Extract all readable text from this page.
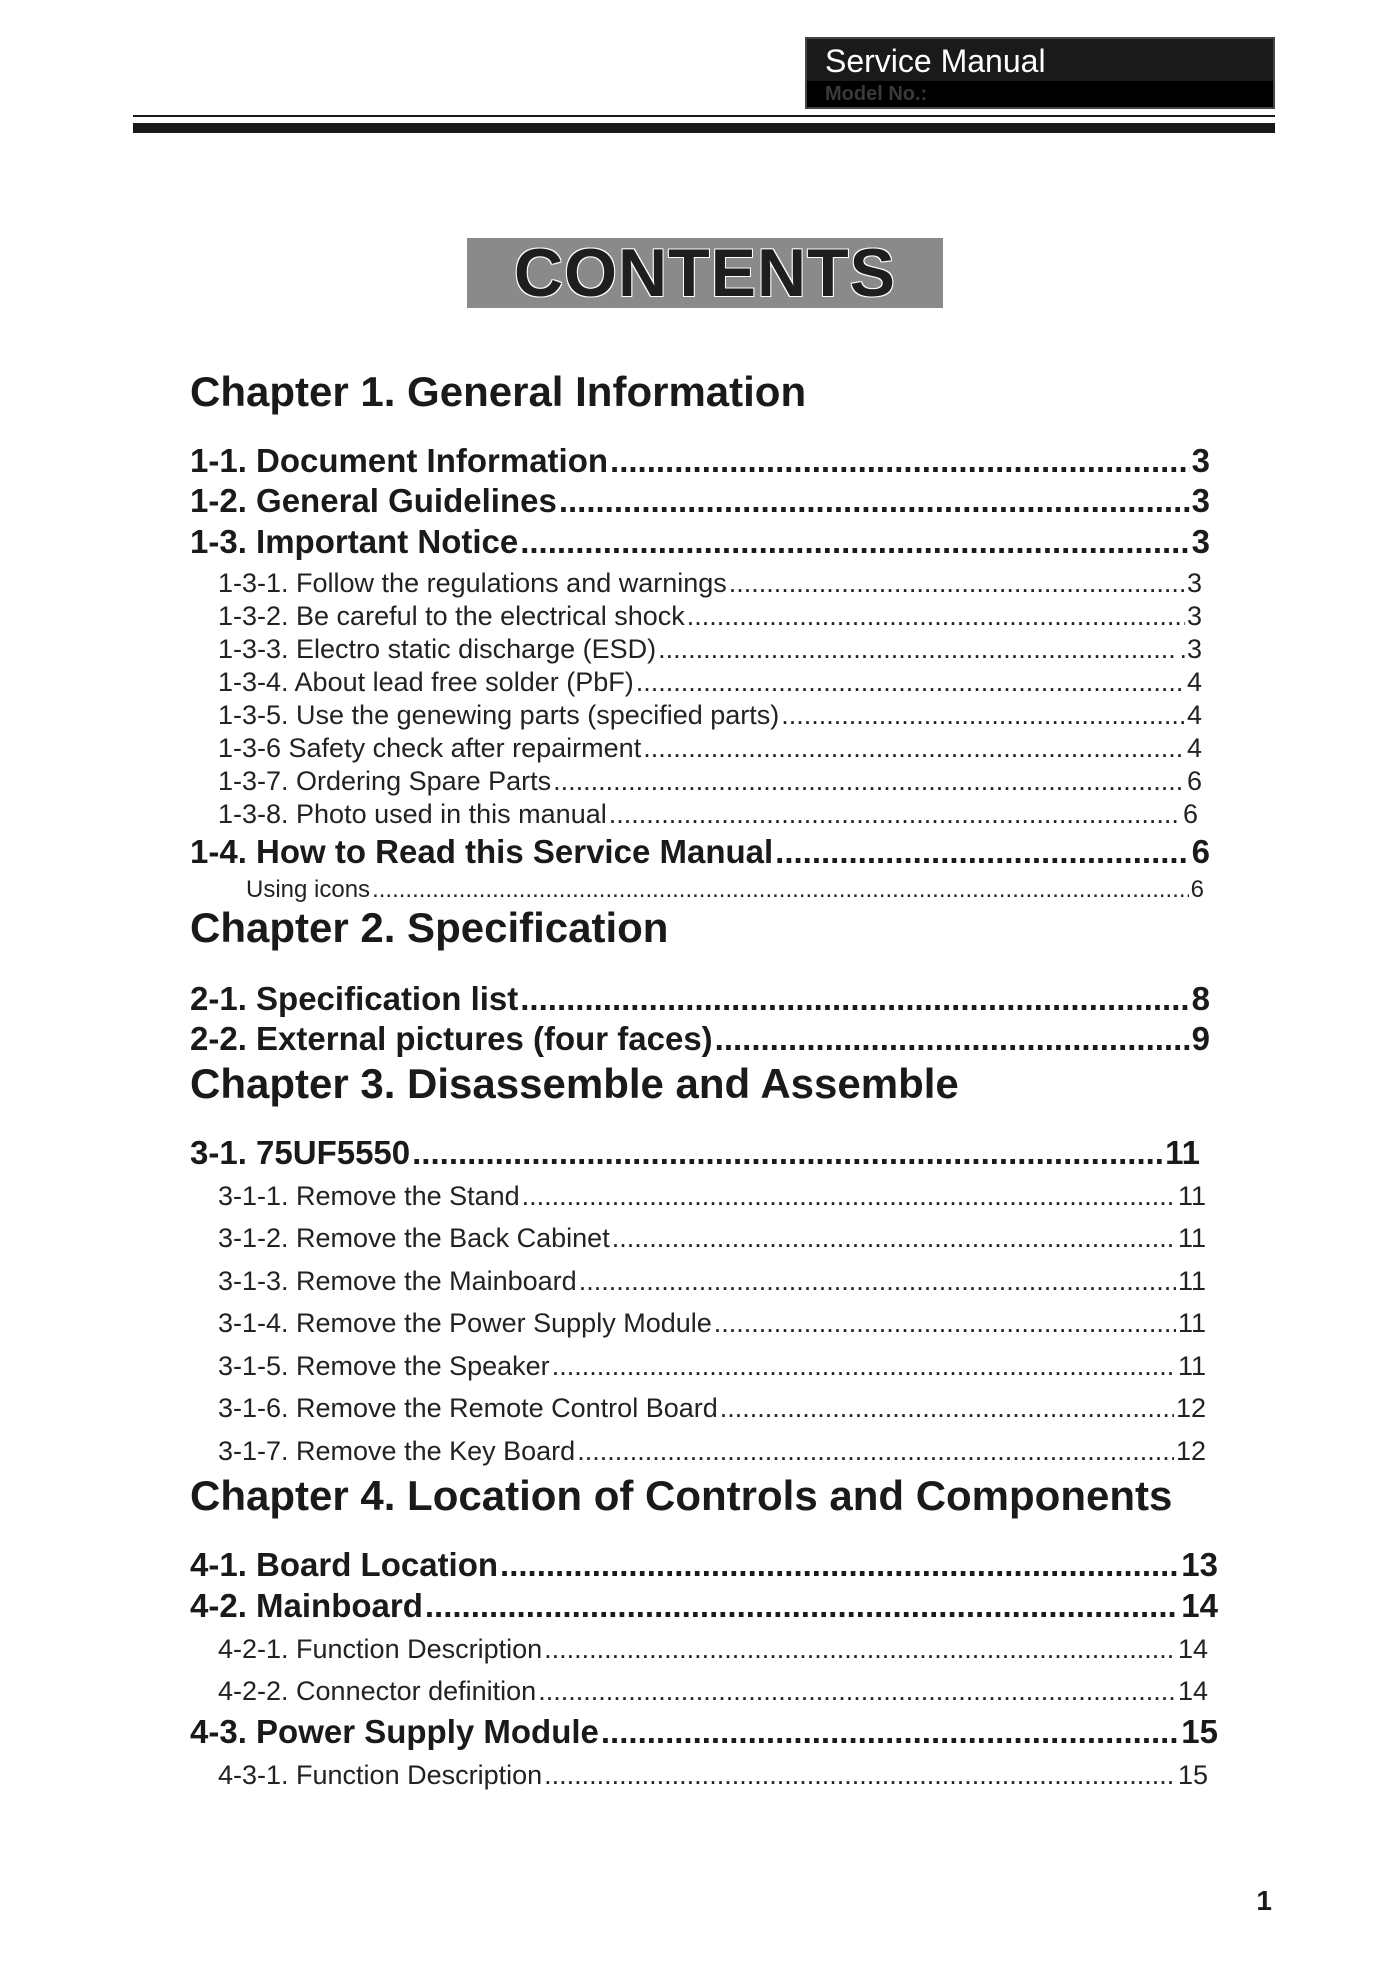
Service Manual
Model No.:
CONTENTS
Chapter 1. General Information
1-1. Document Information .....	3
1-2. General Guidelines .....	3
1-3. Important Notice .....	3
1-3-1. Follow the regulations and warnings .....	3
1-3-2. Be careful to the electrical shock .....	3
1-3-3. Electro static discharge (ESD) .....	.3
1-3-4. About lead free solder (PbF) .....	4
1-3-5. Use the genewing parts (specified parts) .....	4
1-3-6 Safety check after repairment .....	4
1-3-7. Ordering Spare Parts .....	6
1-3-8. Photo used in this manual .....	6
1-4. How to Read this Service Manual .....	6
Using icons .....	6
Chapter 2. Specification
2-1. Specification list .....	8
2-2. External pictures (four faces) .....	9
Chapter 3. Disassemble and Assemble
3-1. 75UF5550 .....	11
3-1-1. Remove the Stand .....	11
3-1-2. Remove the Back Cabinet .....	11
3-1-3. Remove the Mainboard .....	11
3-1-4. Remove the Power Supply Module .....	11
3-1-5. Remove the Speaker .....	11
3-1-6. Remove the Remote Control Board .....	12
3-1-7. Remove the Key Board .....	12
Chapter 4. Location of Controls and Components
4-1. Board Location .....	13
4-2. Mainboard .....	14
4-2-1. Function Description .....	14
4-2-2. Connector definition .....	14
4-3. Power Supply Module .....	15
4-3-1. Function Description .....	15
1
